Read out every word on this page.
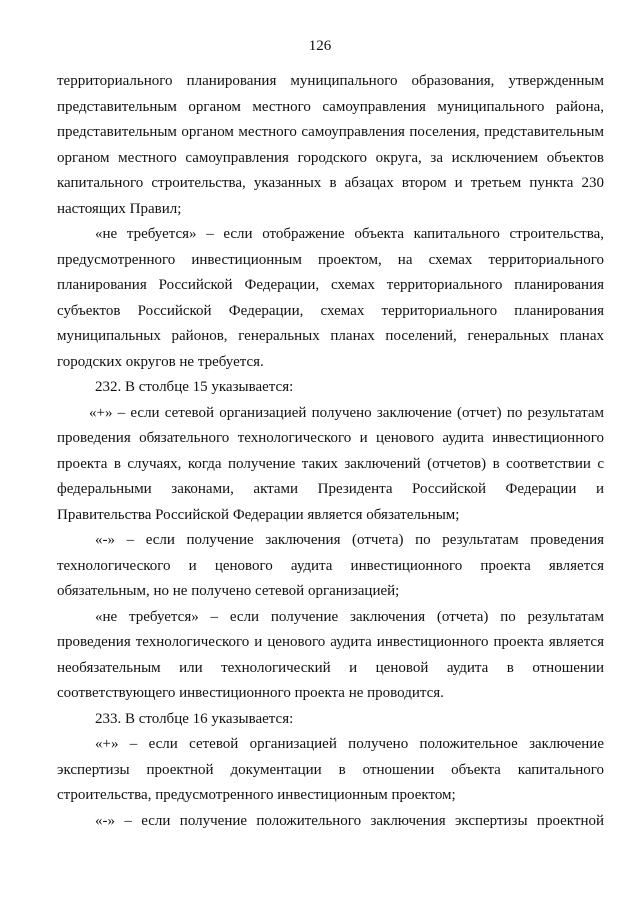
126
территориального планирования муниципального образования, утвержденным
представительным органом местного самоуправления муниципального района,
представительным органом местного самоуправления поселения, представительным
органом местного самоуправления городского округа, за исключением объектов
капитального строительства, указанных в абзацах втором и третьем пункта 230
настоящих Правил;
«не требуется» – если отображение объекта капитального строительства,
предусмотренного инвестиционным проектом, на схемах территориального
планирования Российской Федерации, схемах территориального планирования
субъектов Российской Федерации, схемах территориального планирования
муниципальных районов, генеральных планах поселений, генеральных планах
городских округов не требуется.
232. В столбце 15 указывается:
«+» – если сетевой организацией получено заключение (отчет) по результатам
проведения обязательного технологического и ценового аудита инвестиционного
проекта в случаях, когда получение таких заключений (отчетов) в соответствии с
федеральными законами, актами Президента Российской Федерации и
Правительства Российской Федерации является обязательным;
«-» – если получение заключения (отчета) по результатам проведения
технологического и ценового аудита инвестиционного проекта является
обязательным, но не получено сетевой организацией;
«не требуется» – если получение заключения (отчета) по результатам
проведения технологического и ценового аудита инвестиционного проекта является
необязательным или технологический и ценовой аудита в отношении
соответствующего инвестиционного проекта не проводится.
233. В столбце 16 указывается:
«+» – если сетевой организацией получено положительное заключение
экспертизы проектной документации в отношении объекта капитального
строительства, предусмотренного инвестиционным проектом;
«-» – если получение положительного заключения экспертизы проектной
